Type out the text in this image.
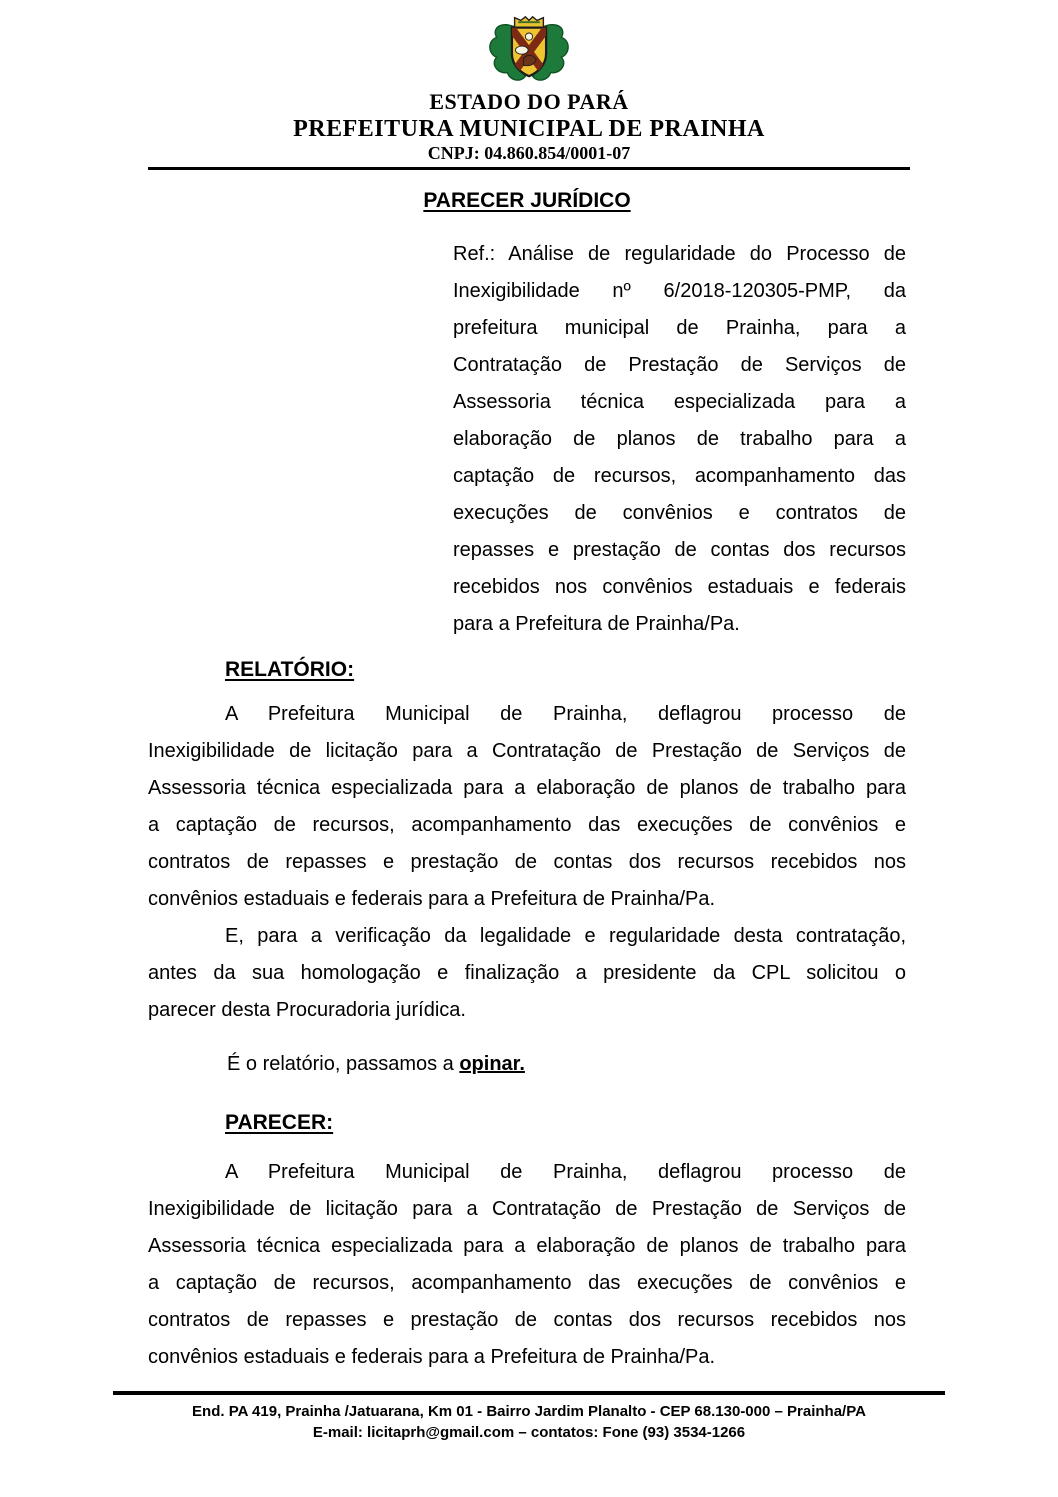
ESTADO DO PARÁ
PREFEITURA MUNICIPAL DE PRAINHA
CNPJ: 04.860.854/0001-07
PARECER JURÍDICO
Ref.: Análise de regularidade do Processo de
Inexigibilidade nº 6/2018-120305-PMP, da
prefeitura municipal de Prainha, para a
Contratação de Prestação de Serviços de
Assessoria técnica especializada para a
elaboração de planos de trabalho para a
captação de recursos, acompanhamento das
execuções de convênios e contratos de
repasses e prestação de contas dos recursos
recebidos nos convênios estaduais e federais
para a Prefeitura de Prainha/Pa.
RELATÓRIO:
A Prefeitura Municipal de Prainha, deflagrou processo de
Inexigibilidade de licitação para a Contratação de Prestação de Serviços de
Assessoria técnica especializada para a elaboração de planos de trabalho para
a captação de recursos, acompanhamento das execuções de convênios e
contratos de repasses e prestação de contas dos recursos recebidos nos
convênios estaduais e federais para a Prefeitura de Prainha/Pa.
E, para a verificação da legalidade e regularidade desta contratação,
antes da sua homologação e finalização a presidente da CPL solicitou o
parecer desta Procuradoria jurídica.
É o relatório, passamos a opinar.
PARECER:
A Prefeitura Municipal de Prainha, deflagrou processo de
Inexigibilidade de licitação para a Contratação de Prestação de Serviços de
Assessoria técnica especializada para a elaboração de planos de trabalho para
a captação de recursos, acompanhamento das execuções de convênios e
contratos de repasses e prestação de contas dos recursos recebidos nos
convênios estaduais e federais para a Prefeitura de Prainha/Pa.
End. PA 419, Prainha /Jatuarana, Km 01 - Bairro Jardim Planalto - CEP 68.130-000 – Prainha/PA
E-mail: licitaprh@gmail.com – contatos: Fone (93) 3534-1266
